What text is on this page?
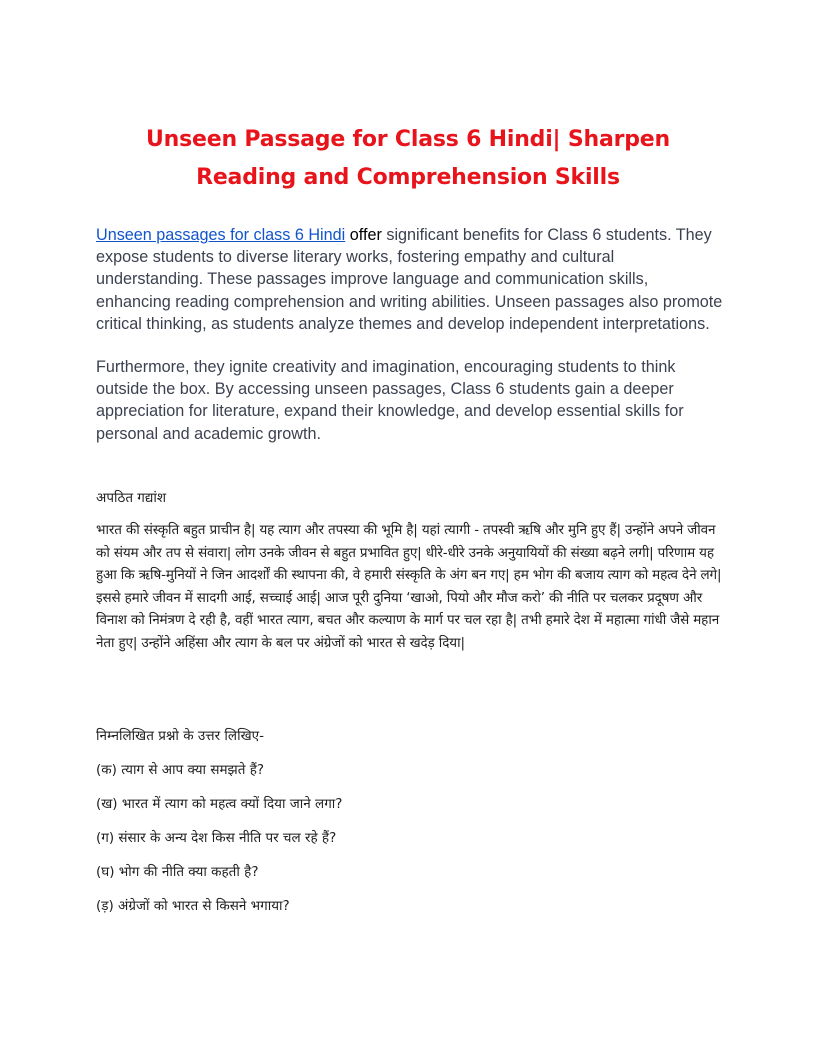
Unseen Passage for Class 6 Hindi| Sharpen Reading and Comprehension Skills

Unseen passages for class 6 Hindi offer significant benefits for Class 6 students. They expose students to diverse literary works, fostering empathy and cultural understanding. These passages improve language and communication skills, enhancing reading comprehension and writing abilities. Unseen passages also promote critical thinking, as students analyze themes and develop independent interpretations.

Furthermore, they ignite creativity and imagination, encouraging students to think outside the box. By accessing unseen passages, Class 6 students gain a deeper appreciation for literature, expand their knowledge, and develop essential skills for personal and academic growth.

अपठित गद्यांश

भारत की संस्कृति बहुत प्राचीन है| यह त्याग और तपस्या की भूमि है| यहां त्यागी - तपस्वी ऋषि और मुनि हुए हैं| उन्होंने अपने जीवन को संयम और तप से संवारा| लोग उनके जीवन से बहुत प्रभावित हुए| धीरे-धीरे उनके अनुयायियों की संख्या बढ़ने लगी| परिणाम यह हुआ कि ऋषि-मुनियों ने जिन आदर्शों की स्थापना की, वे हमारी संस्कृति के अंग बन गए| हम भोग की बजाय त्याग को महत्व देने लगे| इससे हमारे जीवन में सादगी आई, सच्चाई आई| आज पूरी दुनिया ‘खाओ, पियो और मौज करो’ की नीति पर चलकर प्रदूषण और विनाश को निमंत्रण दे रही है, वहीं भारत त्याग, बचत और कल्याण के मार्ग पर चल रहा है| तभी हमारे देश में महात्मा गांधी जैसे महान नेता हुए| उन्होंने अहिंसा और त्याग के बल पर अंग्रेजों को भारत से खदेड़ दिया|

निम्नलिखित प्रश्नो के उत्तर लिखिए-

(क) त्याग से आप क्या समझते हैं?

(ख) भारत में त्याग को महत्व क्यों दिया जाने लगा?

(ग) संसार के अन्य देश किस नीति पर चल रहे हैं?

(घ) भोग की नीति क्या कहती है?

(ड़) अंग्रेजों को भारत से किसने भगाया?
